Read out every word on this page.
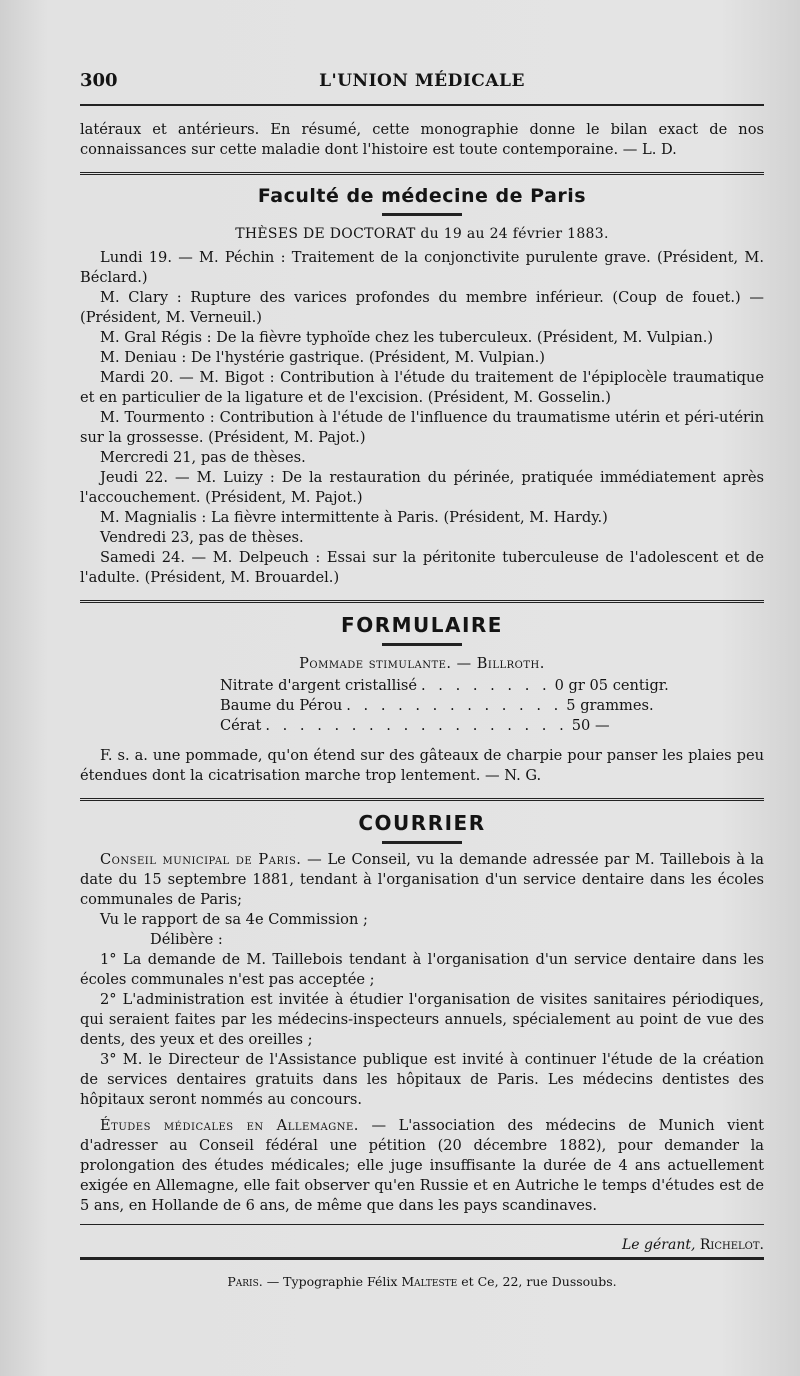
300	L'UNION MÉDICALE

latéraux et antérieurs. En résumé, cette monographie donne le bilan exact de nos connaissances sur cette maladie dont l'histoire est toute contemporaine. — L. D.

Faculté de médecine de Paris
THÈSES DE DOCTORAT du 19 au 24 février 1883.

Lundi 19. — M. Péchin : Traitement de la conjonctivite purulente grave. (Président, M. Béclard.)

M. Clary : Rupture des varices profondes du membre inférieur. (Coup de fouet.) — (Président, M. Verneuil.)

M. Gral Régis : De la fièvre typhoïde chez les tuberculeux. (Président, M. Vulpian.)

M. Deniau : De l'hystérie gastrique. (Président, M. Vulpian.)

Mardi 20. — M. Bigot : Contribution à l'étude du traitement de l'épiplocèle traumatique et en particulier de la ligature et de l'excision. (Président, M. Gosselin.)

M. Tourmento : Contribution à l'étude de l'influence du traumatisme utérin et péri-utérin sur la grossesse. (Président, M. Pajot.)

Mercredi 21, pas de thèses.

Jeudi 22. — M. Luizy : De la restauration du périnée, pratiquée immédiatement après l'accouchement. (Président, M. Pajot.)

M. Magnialis : La fièvre intermittente à Paris. (Président, M. Hardy.)

Vendredi 23, pas de thèses.

Samedi 24. — M. Delpeuch : Essai sur la péritonite tuberculeuse de l'adolescent et de l'adulte. (Président, M. Brouardel.)

FORMULAIRE
Pommade stimulante. — Billroth.
Nitrate d'argent cristallisé . . . . . . . . 0 gr 05 centigr.
Baume du Pérou . . . . . . . . . . . . . 5 grammes.
Cérat . . . . . . . . . . . . . . . . . . 50 —

F. s. a. une pommade, qu'on étend sur des gâteaux de charpie pour panser les plaies peu étendues dont la cicatrisation marche trop lentement. — N. G.

COURRIER

Conseil municipal de Paris. — Le Conseil, vu la demande adressée par M. Taillebois à la date du 15 septembre 1881, tendant à l'organisation d'un service dentaire dans les écoles communales de Paris;

Vu le rapport de sa 4e Commission ;

Délibère :

1° La demande de M. Taillebois tendant à l'organisation d'un service dentaire dans les écoles communales n'est pas acceptée ;

2° L'administration est invitée à étudier l'organisation de visites sanitaires périodiques, qui seraient faites par les médecins-inspecteurs annuels, spécialement au point de vue des dents, des yeux et des oreilles ;

3° M. le Directeur de l'Assistance publique est invité à continuer l'étude de la création de services dentaires gratuits dans les hôpitaux de Paris. Les médecins dentistes des hôpitaux seront nommés au concours.

Études médicales en Allemagne. — L'association des médecins de Munich vient d'adresser au Conseil fédéral une pétition (20 décembre 1882), pour demander la prolongation des études médicales; elle juge insuffisante la durée de 4 ans actuellement exigée en Allemagne, elle fait observer qu'en Russie et en Autriche le temps d'études est de 5 ans, en Hollande de 6 ans, de même que dans les pays scandinaves.

Le gérant, Richelot.
Paris. — Typographie Félix Malteste et Ce, 22, rue Dussoubs.
